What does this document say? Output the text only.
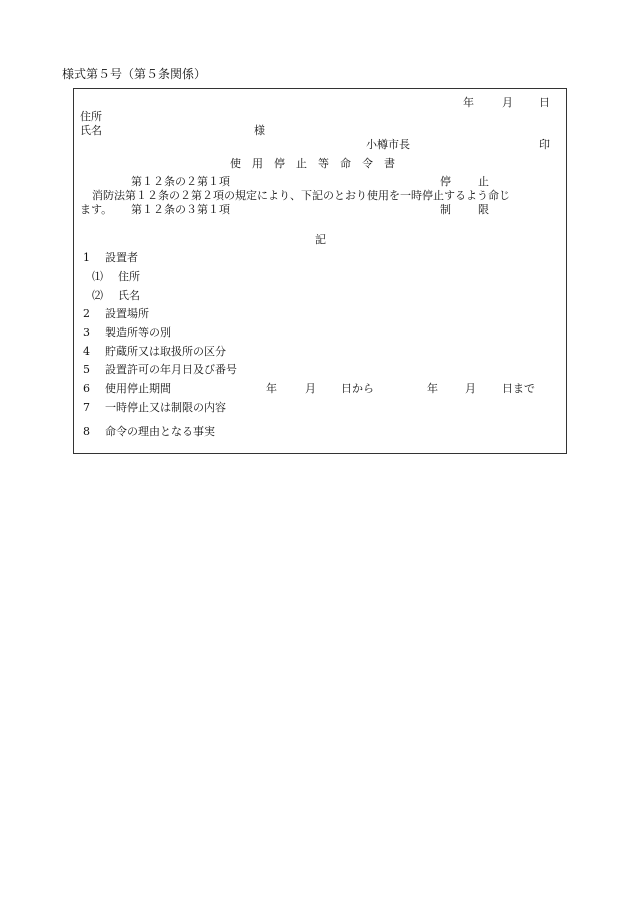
様式第５号（第５条関係）
年	月 日
住所
氏名	様
小樽市長	印
使　用　停　止　等　命　令　書
第１２条の２第１項	停 止
消防法第１２条の２第２項の規定により、下記のとおり使用を一時停止するよう命じ
ます。 第１２条の３第１項	制 限
記
1 設置者
⑴ 住所
⑵ 氏名
2 設置場所
3 製造所等の別
4 貯蔵所又は取扱所の区分
5 設置許可の年月日及び番号
6 使用停止期間	年	月 日から	年 月 日まで
7 一時停止又は制限の内容
8 命令の理由となる事実
